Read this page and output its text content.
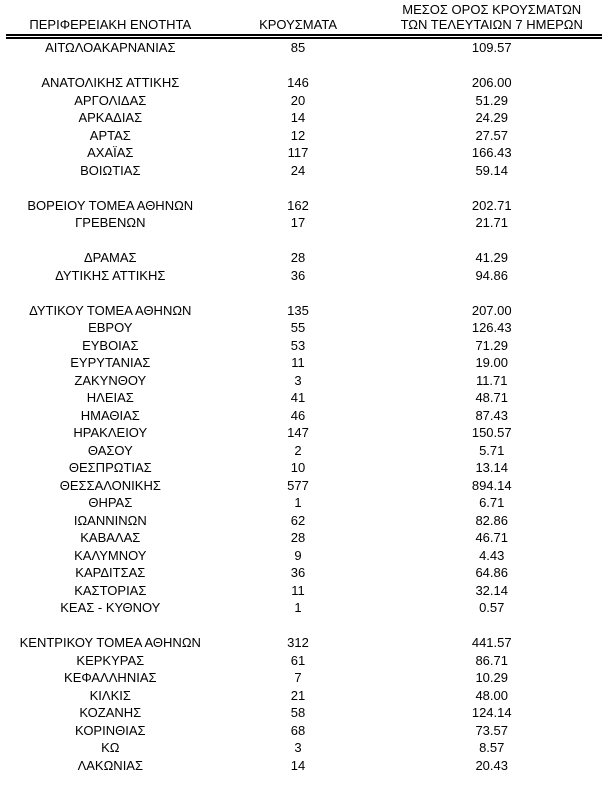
ΠΕΡΙΦΕΡΕΙΑΚΗ ΕΝΟΤΗΤΑ	ΚΡΟΥΣΜΑΤΑ	ΜΕΣΟΣ ΟΡΟΣ ΚΡΟΥΣΜΑΤΩΝ
ΤΩΝ ΤΕΛΕΥΤΑΙΩΝ 7 ΗΜΕΡΩΝ

ΑΙΤΩΛΟΑΚΑΡΝΑΝΙΑΣ	85	109.57

ΑΝΑΤΟΛΙΚΗΣ ΑΤΤΙΚΗΣ	146	206.00
ΑΡΓΟΛΙΔΑΣ	20	51.29
ΑΡΚΑΔΙΑΣ	14	24.29
ΑΡΤΑΣ	12	27.57
ΑΧΑΪΑΣ	117	166.43
ΒΟΙΩΤΙΑΣ	24	59.14

ΒΟΡΕΙΟΥ ΤΟΜΕΑ ΑΘΗΝΩΝ	162	202.71
ΓΡΕΒΕΝΩΝ	17	21.71

ΔΡΑΜΑΣ	28	41.29
ΔΥΤΙΚΗΣ ΑΤΤΙΚΗΣ	36	94.86

ΔΥΤΙΚΟΥ ΤΟΜΕΑ ΑΘΗΝΩΝ	135	207.00
ΕΒΡΟΥ	55	126.43
ΕΥΒΟΙΑΣ	53	71.29
ΕΥΡΥΤΑΝΙΑΣ	11	19.00
ΖΑΚΥΝΘΟΥ	3	11.71
ΗΛΕΙΑΣ	41	48.71
ΗΜΑΘΙΑΣ	46	87.43
ΗΡΑΚΛΕΙΟΥ	147	150.57
ΘΑΣΟΥ	2	5.71
ΘΕΣΠΡΩΤΙΑΣ	10	13.14
ΘΕΣΣΑΛΟΝΙΚΗΣ	577	894.14
ΘΗΡΑΣ	1	6.71
ΙΩΑΝΝΙΝΩΝ	62	82.86
ΚΑΒΑΛΑΣ	28	46.71
ΚΑΛΥΜΝΟΥ	9	4.43
ΚΑΡΔΙΤΣΑΣ	36	64.86
ΚΑΣΤΟΡΙΑΣ	11	32.14
ΚΕΑΣ - ΚΥΘΝΟΥ	1	0.57

ΚΕΝΤΡΙΚΟΥ ΤΟΜΕΑ ΑΘΗΝΩΝ	312	441.57
ΚΕΡΚΥΡΑΣ	61	86.71
ΚΕΦΑΛΛΗΝΙΑΣ	7	10.29
ΚΙΛΚΙΣ	21	48.00
ΚΟΖΑΝΗΣ	58	124.14
ΚΟΡΙΝΘΙΑΣ	68	73.57
ΚΩ	3	8.57
ΛΑΚΩΝΙΑΣ	14	20.43
